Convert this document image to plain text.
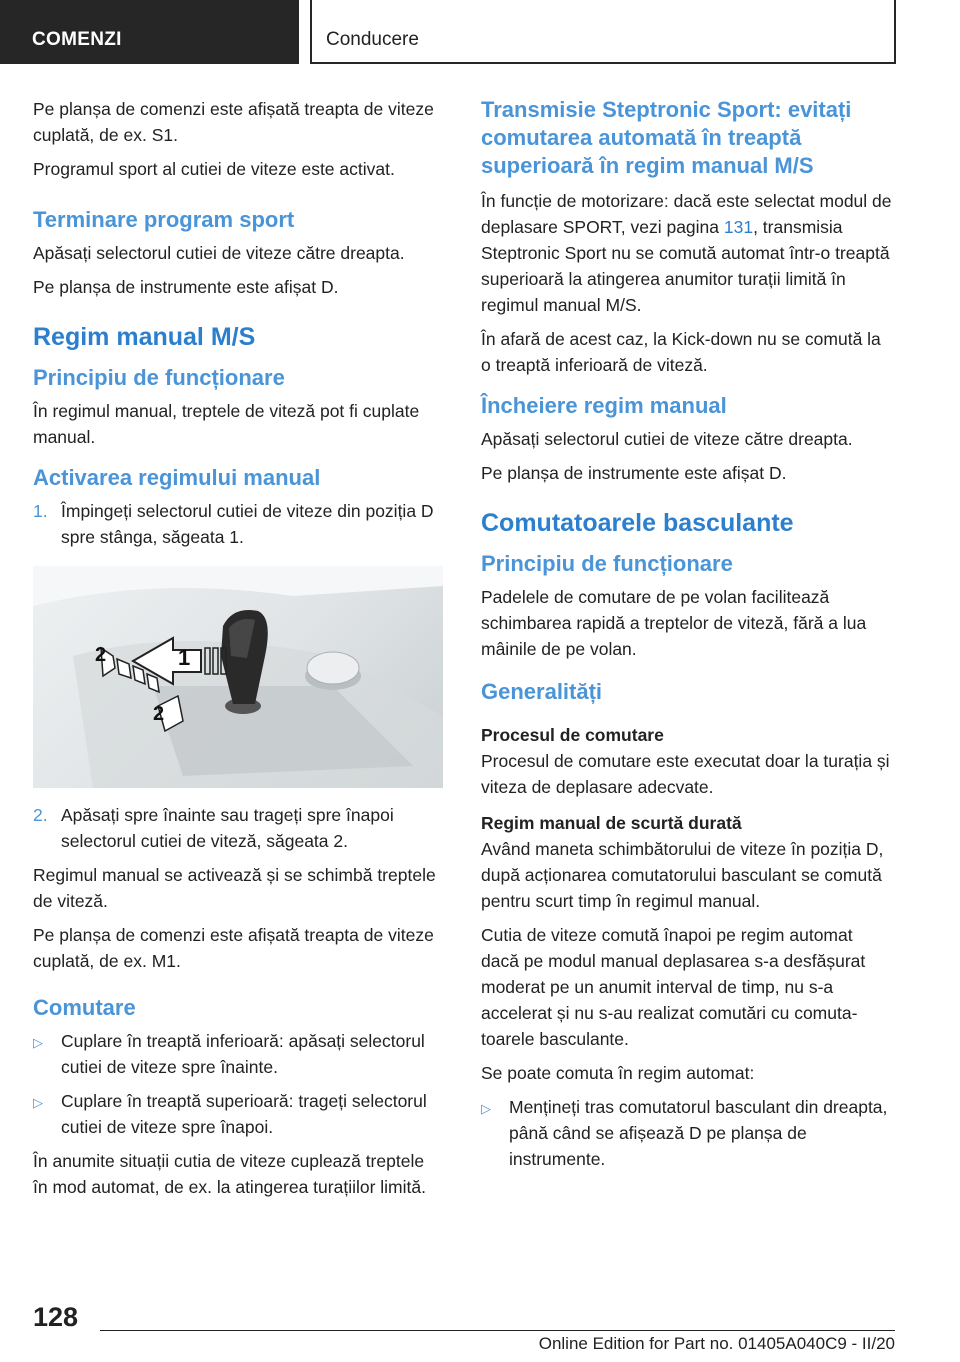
COMENZI	Conducere

Pe planșa de comenzi este afișată treapta de viteze cuplată, de ex. S1.

Programul sport al cutiei de viteze este activat.

Terminare program sport

Apăsați selectorul cutiei de viteze către dreapta.

Pe planșa de instrumente este afișat D.

Regim manual M/S
Principiu de funcționare

În regimul manual, treptele de viteză pot fi cuplate manual.

Activarea regimului manual
1. Împingeți selectorul cutiei de viteze din poziția D spre stânga, săgeata 1.
1
2
2
2. Apăsați spre înainte sau trageți spre înapoi selectorul cutiei de viteză, săgeata 2.

Regimul manual se activează și se schimbă treptele de viteză.

Pe planșa de comenzi este afișată treapta de viteze cuplată, de ex. M1.

Comutare
▷ Cuplare în treaptă inferioară: apăsați selectorul cutiei de viteze spre înainte.
▷ Cuplare în treaptă superioară: trageți selectorul cutiei de viteze spre înapoi.

În anumite situații cutia de viteze cuplează treptele în mod automat, de ex. la atingerea turațiilor limită.

Transmisie Steptronic Sport: evitați comutarea automată în treaptă superioară în regim manual M/S

În funcție de motorizare: dacă este selectat modul de deplasare SPORT, vezi pagina 131, transmisia Steptronic Sport nu se comută automat într-o treaptă superioară la atingerea anumitor turații limită în regimul manual M/S.

În afară de acest caz, la Kick-down nu se comută la o treaptă inferioară de viteză.

Încheiere regim manual

Apăsați selectorul cutiei de viteze către dreapta.

Pe planșa de instrumente este afișat D.

Comutatoarele basculante
Principiu de funcționare

Padelele de comutare de pe volan facilitează schimbarea rapidă a treptelor de viteză, fără a lua mâinile de pe volan.

Generalități
Procesul de comutare

Procesul de comutare este executat doar la turația și viteza de deplasare adecvate.

Regim manual de scurtă durată

Având maneta schimbătorului de viteze în poziția D, după acționarea comutatorului basculant se comută pentru scurt timp în regimul manual.

Cutia de viteze comută înapoi pe regim automat dacă pe modul manual deplasarea s-a desfășurat moderat pe un anumit interval de timp, nu s-a accelerat și nu s-au realizat comutări cu comutatoarele basculante.

Se poate comuta în regim automat:

▷ Mențineți tras comutatorul basculant din dreapta, până când se afișează D pe planșa de instrumente.
128
Online Edition for Part no. 01405A040C9 - II/20
